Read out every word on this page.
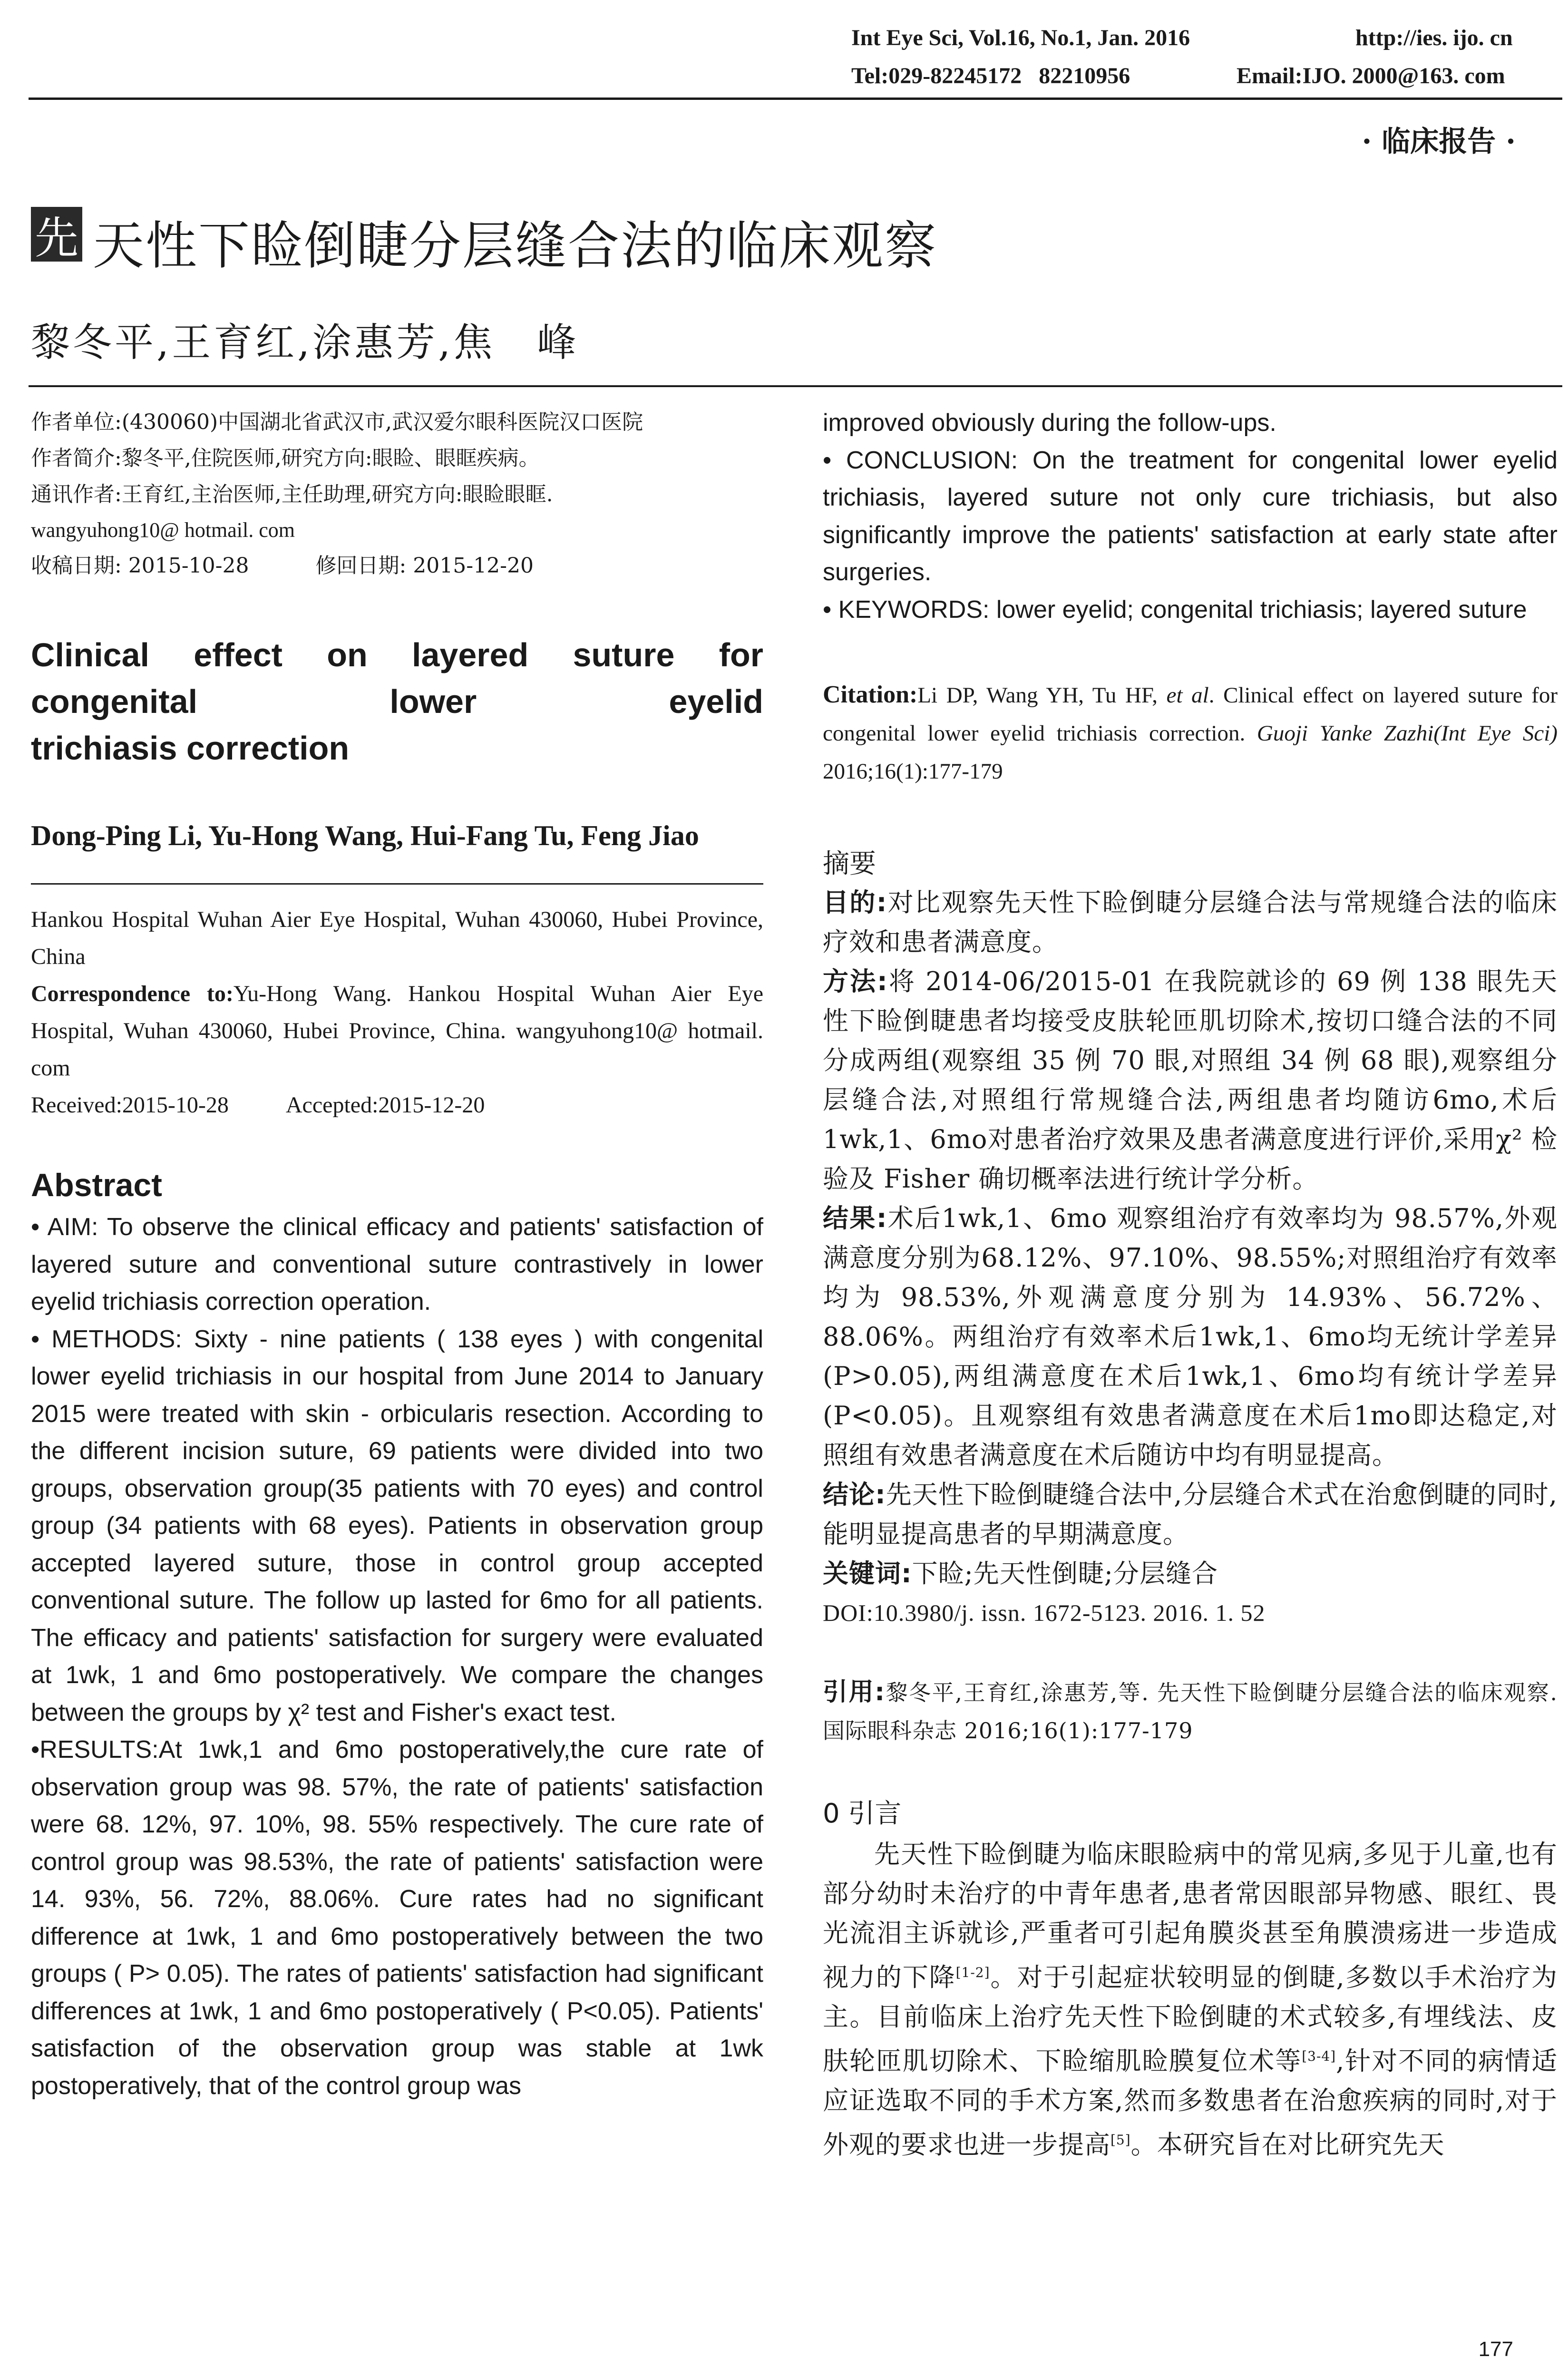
Int Eye Sci, Vol.16, No.1, Jan. 2016	http://ies. ijo. cn
Tel:029-82245172   82210956	Email:IJO. 2000@163. com
· 临床报告 ·
先 天性下睑倒睫分层缝合法的临床观察
黎冬平,王育红,涂惠芳,焦　峰

作者单位:(430060)中国湖北省武汉市,武汉爱尔眼科医院汉口医院

作者简介:黎冬平,住院医师,研究方向:眼睑、眼眶疾病。

通讯作者:王育红,主治医师,主任助理,研究方向:眼睑眼眶.

wangyuhong10@ hotmail. com

收稿日期: 2015-10-28	修回日期: 2015-12-20

Clinical effect on layered suture for congenital lower eyelid
trichiasis correction
Dong-Ping Li, Yu-Hong Wang, Hui-Fang Tu, Feng Jiao

Hankou Hospital Wuhan Aier Eye Hospital, Wuhan 430060, Hubei Province, China

Correspondence to:Yu-Hong Wang. Hankou Hospital Wuhan Aier Eye Hospital, Wuhan 430060, Hubei Province, China. wangyuhong10@ hotmail. com

Received:2015-10-28	Accepted:2015-12-20

Abstract

• AIM: To observe the clinical efficacy and patients' satisfaction of layered suture and conventional suture contrastively in lower eyelid trichiasis correction operation.

• METHODS: Sixty - nine patients ( 138 eyes ) with congenital lower eyelid trichiasis in our hospital from June 2014 to January 2015 were treated with skin - orbicularis resection. According to the different incision suture, 69 patients were divided into two groups, observation group(35 patients with 70 eyes) and control group (34 patients with 68 eyes). Patients in observation group accepted layered suture, those in control group accepted conventional suture. The follow up lasted for 6mo for all patients. The efficacy and patients' satisfaction for surgery were evaluated at 1wk, 1 and 6mo postoperatively. We compare the changes between the groups by χ² test and Fisher's exact test.

•RESULTS:At 1wk,1 and 6mo postoperatively,the cure rate of observation group was 98. 57%, the rate of patients' satisfaction were 68. 12%, 97. 10%, 98. 55% respectively. The cure rate of control group was 98.53%, the rate of patients' satisfaction were 14. 93%, 56. 72%, 88.06%. Cure rates had no significant difference at 1wk, 1 and 6mo postoperatively between the two groups ( P> 0.05). The rates of patients' satisfaction had significant differences at 1wk, 1 and 6mo postoperatively ( P<0.05). Patients' satisfaction of the observation group was stable at 1wk postoperatively, that of the control group was

improved obviously during the follow-ups.

• CONCLUSION: On the treatment for congenital lower eyelid trichiasis, layered suture not only cure trichiasis, but also significantly improve the patients' satisfaction at early state after surgeries.

• KEYWORDS: lower eyelid; congenital trichiasis; layered suture

Citation:Li DP, Wang YH, Tu HF, et al. Clinical effect on layered suture for congenital lower eyelid trichiasis correction. Guoji Yanke Zazhi(Int Eye Sci) 2016;16(1):177-179
摘要

目的:对比观察先天性下睑倒睫分层缝合法与常规缝合法的临床疗效和患者满意度。

方法:将 2014-06/2015-01 在我院就诊的 69 例 138 眼先天性下睑倒睫患者均接受皮肤轮匝肌切除术,按切口缝合法的不同分成两组(观察组 35 例 70 眼,对照组 34 例 68 眼),观察组分层缝合法,对照组行常规缝合法,两组患者均随访6mo,术后1wk,1、6mo对患者治疗效果及患者满意度进行评价,采用χ² 检验及 Fisher 确切概率法进行统计学分析。

结果:术后1wk,1、6mo 观察组治疗有效率均为 98.57%,外观满意度分别为68.12%、97.10%、98.55%;对照组治疗有效率均为 98.53%,外观满意度分别为 14.93%、56.72%、88.06%。两组治疗有效率术后1wk,1、6mo均无统计学差异(P>0.05),两组满意度在术后1wk,1、6mo均有统计学差异(P<0.05)。且观察组有效患者满意度在术后1mo即达稳定,对照组有效患者满意度在术后随访中均有明显提高。

结论:先天性下睑倒睫缝合法中,分层缝合术式在治愈倒睫的同时,能明显提高患者的早期满意度。

关键词:下睑;先天性倒睫;分层缝合

DOI:10.3980/j. issn. 1672-5123. 2016. 1. 52

引用:黎冬平,王育红,涂惠芳,等. 先天性下睑倒睫分层缝合法的临床观察. 国际眼科杂志 2016;16(1):177-179
0 引言
先天性下睑倒睫为临床眼睑病中的常见病,多见于儿童,也有部分幼时未治疗的中青年患者,患者常因眼部异物感、眼红、畏光流泪主诉就诊,严重者可引起角膜炎甚至角膜溃疡进一步造成视力的下降[1-2]。对于引起症状较明显的倒睫,多数以手术治疗为主。目前临床上治疗先天性下睑倒睫的术式较多,有埋线法、皮肤轮匝肌切除术、下睑缩肌睑膜复位术等[3-4],针对不同的病情适应证选取不同的手术方案,然而多数患者在治愈疾病的同时,对于外观的要求也进一步提高[5]。本研究旨在对比研究先天
177
